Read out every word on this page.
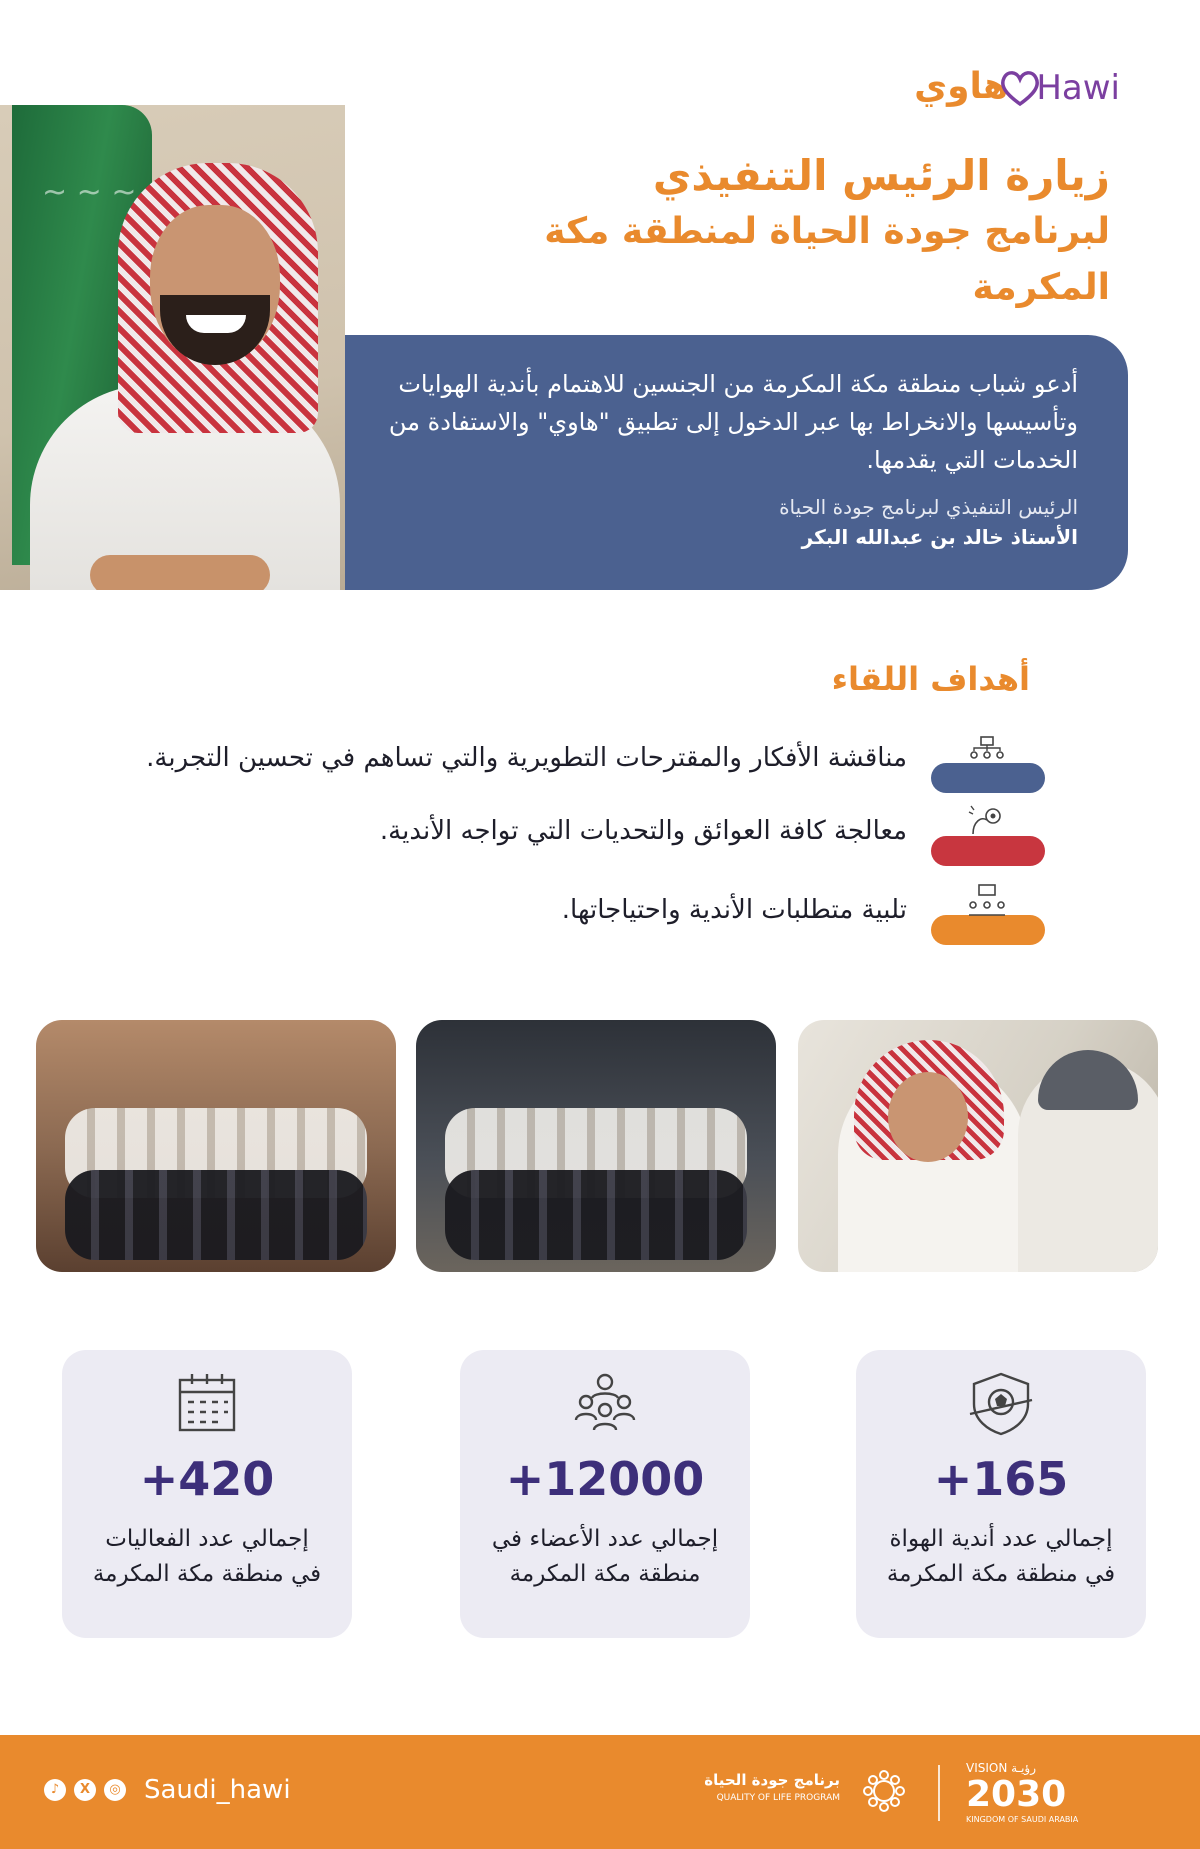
هاوي Hawi
زيارة الرئيس التنفيذي
لبرنامج جودة الحياة لمنطقة مكة المكرمة
~ ~ ~

أدعو شباب منطقة مكة المكرمة من الجنسين للاهتمام بأندية الهوايات وتأسيسها والانخراط بها عبر الدخول إلى تطبيق "هاوي" والاستفادة من الخدمات التي يقدمها.

الرئيس التنفيذي لبرنامج جودة الحياة

الأستاذ خالد بن عبدالله البكر

أهداف اللقاء
مناقشة الأفكار والمقترحات التطويرية والتي تساهم في تحسين التجربة.
معالجة كافة العوائق والتحديات التي تواجه الأندية.
تلبية متطلبات الأندية واحتياجاتها.
+420
إجمالي عدد الفعاليات في منطقة مكة المكرمة
+12000
إجمالي عدد الأعضاء في منطقة مكة المكرمة
+165
إجمالي عدد أندية الهواة في منطقة مكة المكرمة
♪	X	◎ Saudi_hawi	برنامج جودة الحياة
QUALITY OF LIFE PROGRAM
VISION رؤيـة
2030
KINGDOM OF SAUDI ARABIA
